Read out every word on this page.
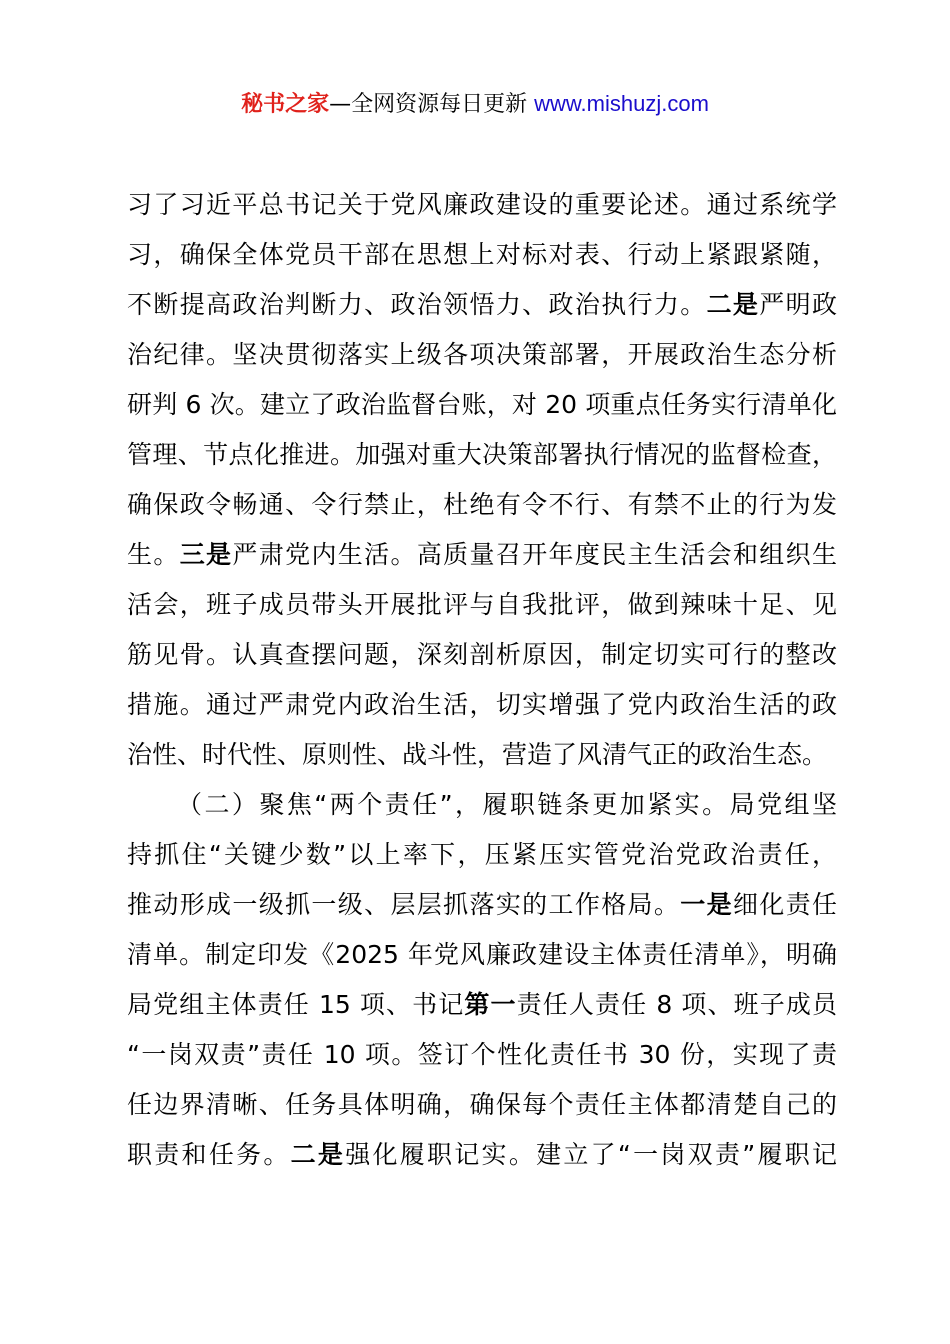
秘书之家—全网资源每日更新 www.mishuzj.com
习了习近平总书记关于党风廉政建设的重要论述。通过系统学
习，确保全体党员干部在思想上对标对表、行动上紧跟紧随，
不断提高政治判断力、政治领悟力、政治执行力。二是严明政
治纪律。坚决贯彻落实上级各项决策部署，开展政治生态分析
研判 6 次。建立了政治监督台账，对 20 项重点任务实行清单化
管理、节点化推进。加强对重大决策部署执行情况的监督检查，
确保政令畅通、令行禁止，杜绝有令不行、有禁不止的行为发
生。三是严肃党内生活。高质量召开年度民主生活会和组织生
活会，班子成员带头开展批评与自我批评，做到辣味十足、见
筋见骨。认真查摆问题，深刻剖析原因，制定切实可行的整改
措施。通过严肃党内政治生活，切实增强了党内政治生活的政
治性、时代性、原则性、战斗性，营造了风清气正的政治生态。
（二）聚焦“两个责任”，履职链条更加紧实。局党组坚
持抓住“关键少数”以上率下，压紧压实管党治党政治责任，
推动形成一级抓一级、层层抓落实的工作格局。一是细化责任
清单。制定印发《2025 年党风廉政建设主体责任清单》，明确
局党组主体责任 15 项、书记第一责任人责任 8 项、班子成员
“一岗双责”责任 10 项。签订个性化责任书 30 份，实现了责
任边界清晰、任务具体明确，确保每个责任主体都清楚自己的
职责和任务。二是强化履职记实。建立了“一岗双责”履职记
